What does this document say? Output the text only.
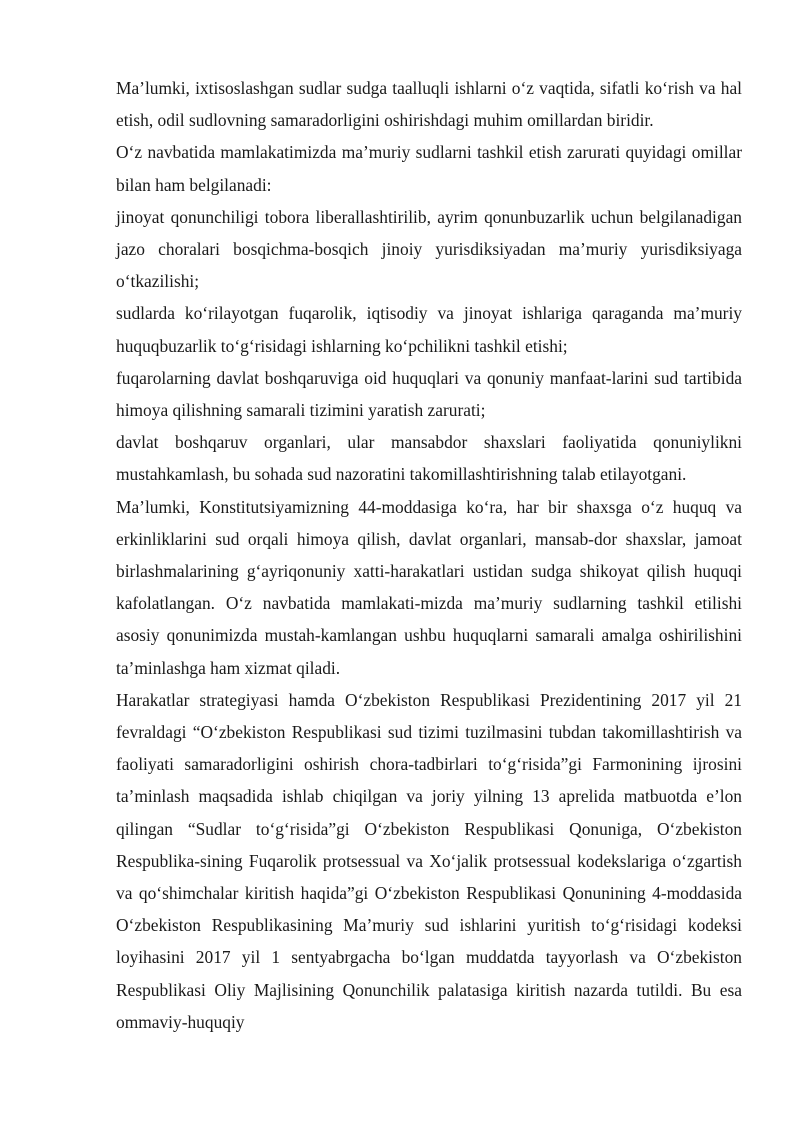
Ma’lumki, ixtisoslashgan sudlar sudga taalluqli ishlarni o‘z vaqtida, sifatli ko‘rish va hal etish, odil sudlovning samaradorligini oshirishdagi muhim omillardan biridir.

O‘z navbatida mamlakatimizda ma’muriy sudlarni tashkil etish zarurati quyidagi omillar bilan ham belgilanadi:

jinoyat qonunchiligi tobora liberallashtirilib, ayrim qonunbuzarlik uchun belgilanadigan jazo choralari bosqichma-bosqich jinoiy yurisdiksiyadan ma’muriy yurisdiksiyaga o‘tkazilishi;

sudlarda ko‘rilayotgan fuqarolik, iqtisodiy va jinoyat ishlariga qaraganda ma’muriy huquqbuzarlik to‘g‘risidagi ishlarning ko‘pchilikni tashkil etishi;

fuqarolarning davlat boshqaruviga oid huquqlari va qonuniy manfaat-larini sud tartibida himoya qilishning samarali tizimini yaratish zarurati;

davlat boshqaruv organlari, ular mansabdor shaxslari faoliyatida qonuniylikni mustahkamlash, bu sohada sud nazoratini takomillashtirishning talab etilayotgani.

Ma’lumki, Konstitutsiyamizning 44-moddasiga ko‘ra, har bir shaxsga o‘z huquq va erkinliklarini sud orqali himoya qilish, davlat organlari, mansab-dor shaxslar, jamoat birlashmalarining g‘ayriqonuniy xatti-harakatlari ustidan sudga shikoyat qilish huquqi kafolatlangan. O‘z navbatida mamlakati-mizda ma’muriy sudlarning tashkil etilishi asosiy qonunimizda mustah-kamlangan ushbu huquqlarni samarali amalga oshirilishini ta’minlashga ham xizmat qiladi.

Harakatlar strategiyasi hamda O‘zbekiston Respublikasi Prezidentining 2017 yil 21 fevraldagi “O‘zbekiston Respublikasi sud tizimi tuzilmasini tubdan takomillashtirish va faoliyati samaradorligini oshirish chora-tadbirlari to‘g‘risida”gi Farmonining ijrosini ta’minlash maqsadida ishlab chiqilgan va joriy yilning 13 aprelida matbuotda e’lon qilingan “Sudlar to‘g‘risida”gi O‘zbekiston Respublikasi Qonuniga, O‘zbekiston Respublika-sining Fuqarolik protsessual va Xo‘jalik protsessual kodekslariga o‘zgartish va qo‘shimchalar kiritish haqida”gi O‘zbekiston Respublikasi Qonunining 4-moddasida O‘zbekiston Respublikasining Ma’muriy sud ishlarini yuritish to‘g‘risidagi kodeksi loyihasini 2017 yil 1 sentyabrgacha bo‘lgan muddatda tayyorlash va O‘zbekiston Respublikasi Oliy Majlisining Qonunchilik palatasiga kiritish nazarda tutildi. Bu esa ommaviy-huquqiy
